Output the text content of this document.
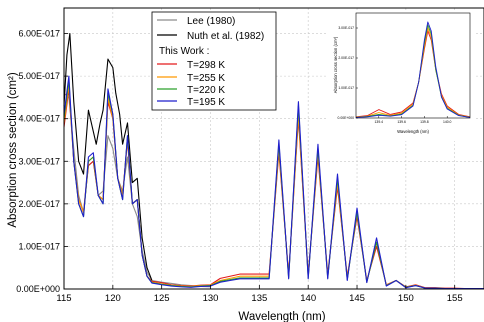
115	120	125	130	135	140	145	150	155
0.00E+000
1.00E-017
2.00E-017
3.00E-017
4.00E-017
5.00E-017
6.00E-017
Wavelength (nm)
Absorption cross section (cm²)
Lee (1980)
Nuth et al. (1982)
This Work :
T=298 K
T=255 K
T=220 K
T=195 K
139.4	139.6	139.8	140.0
0.00E+000
1.00E-017
2.00E-017
3.00E-017
Wavelength (nm)
Absorption cross section (cm²)
